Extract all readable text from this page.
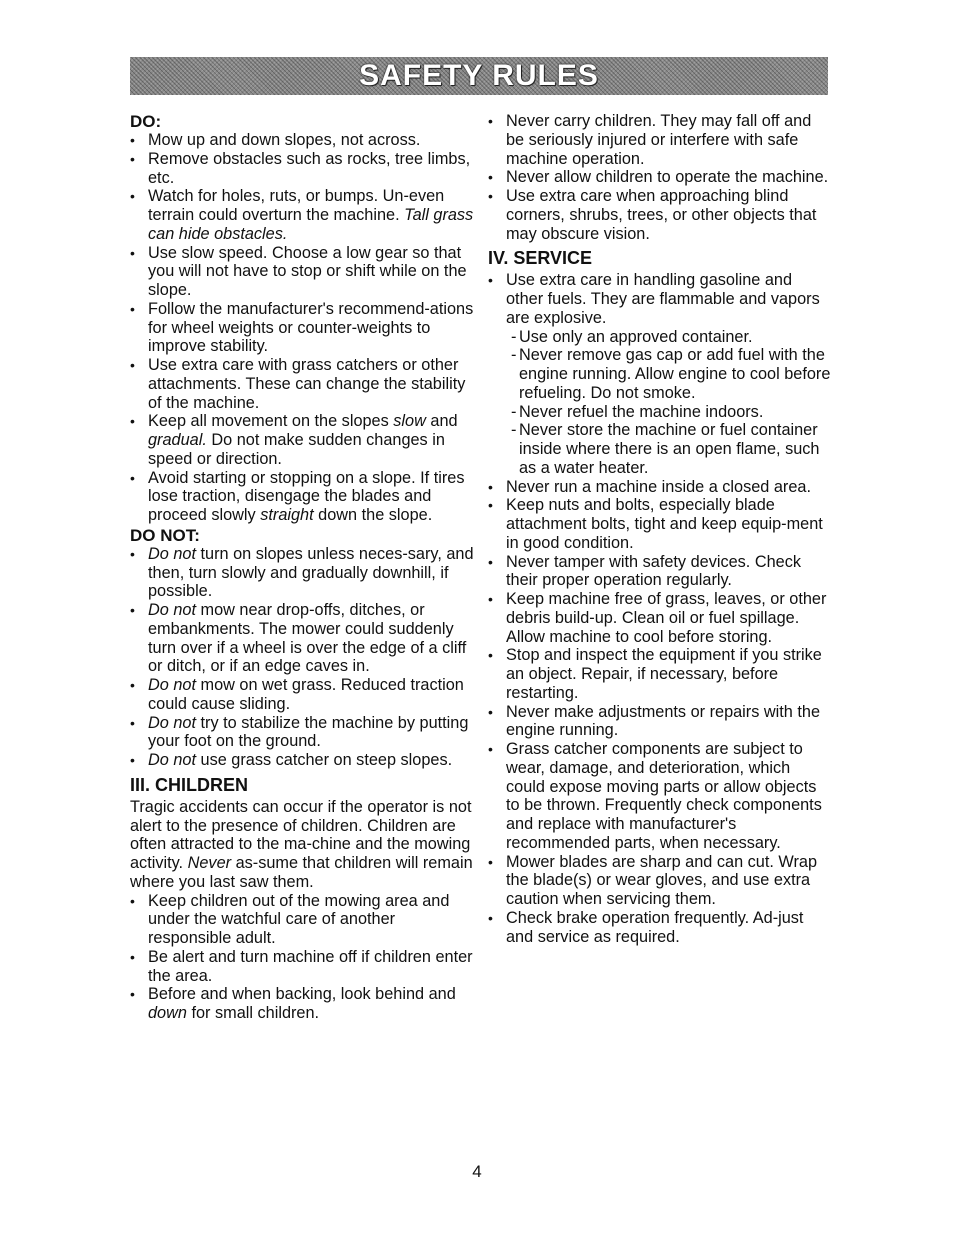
SAFETY RULES

DO:

• Mow up and down slopes, not across.
• Remove obstacles such as rocks, tree limbs, etc.
• Watch for holes, ruts, or bumps. Un-even terrain could overturn the machine. Tall grass can hide obstacles.
• Use slow speed. Choose a low gear so that you will not have to stop or shift while on the slope.
• Follow the manufacturer's recommend-ations for wheel weights or counter-weights to improve stability.
• Use extra care with grass catchers or other attachments. These can change the stability of the machine.
• Keep all movement on the slopes slow and gradual. Do not make sudden changes in speed or direction.
• Avoid starting or stopping on a slope. If tires lose traction, disengage the blades and proceed slowly straight down the slope.

DO NOT:

• Do not turn on slopes unless neces-sary, and then, turn slowly and gradually downhill, if possible.
• Do not mow near drop-offs, ditches, or embankments. The mower could suddenly turn over if a wheel is over the edge of a cliff or ditch, or if an edge caves in.
• Do not mow on wet grass. Reduced traction could cause sliding.
• Do not try to stabilize the machine by putting your foot on the ground.
• Do not use grass catcher on steep slopes.

III. CHILDREN

Tragic accidents can occur if the operator is not alert to the presence of children. Children are often attracted to the ma-chine and the mowing activity. Never as-sume that children will remain where you last saw them.

• Keep children out of the mowing area and under the watchful care of another responsible adult.
• Be alert and turn machine off if children enter the area.
• Before and when backing, look behind and down for small children.
• Never carry children. They may fall off and be seriously injured or interfere with safe machine operation.
• Never allow children to operate the machine.
• Use extra care when approaching blind corners, shrubs, trees, or other objects that may obscure vision.

IV. SERVICE

• Use extra care in handling gasoline and other fuels. They are flammable and vapors are explosive.
- Use only an approved container.
- Never remove gas cap or add fuel with the engine running. Allow engine to cool before refueling. Do not smoke.
- Never refuel the machine indoors.
- Never store the machine or fuel container inside where there is an open flame, such as a water heater.
• Never run a machine inside a closed area.
• Keep nuts and bolts, especially blade attachment bolts, tight and keep equip-ment in good condition.
• Never tamper with safety devices. Check their proper operation regularly.
• Keep machine free of grass, leaves, or other debris build-up. Clean oil or fuel spillage. Allow machine to cool before storing.
• Stop and inspect the equipment if you strike an object. Repair, if necessary, before restarting.
• Never make adjustments or repairs with the engine running.
• Grass catcher components are subject to wear, damage, and deterioration, which could expose moving parts or allow objects to be thrown. Frequently check components and replace with manufacturer's recommended parts, when necessary.
• Mower blades are sharp and can cut. Wrap the blade(s) or wear gloves, and use extra caution when servicing them.
• Check brake operation frequently. Ad-just and service as required.
4
